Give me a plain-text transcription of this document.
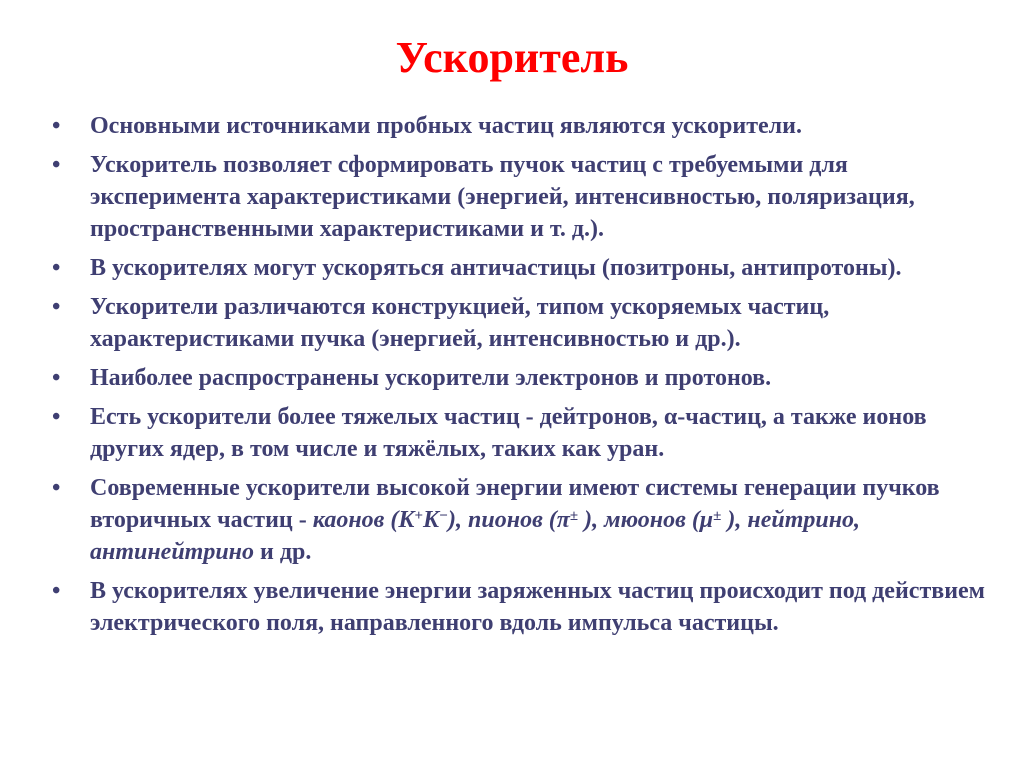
Ускоритель
•	Основными источниками пробных частиц являются ускорители.
•	Ускоритель позволяет сформировать пучок частиц с требуемыми для эксперимента характеристиками (энергией, интенсивностью, поляризация, пространственными характеристиками и т. д.).
•	В ускорителях могут ускоряться античастицы (позитроны, антипротоны).
•	Ускорители различаются конструкцией, типом ускоряемых частиц, характеристиками пучка (энергией, интенсивностью и др.).
•	Наиболее распространены ускорители электронов и протонов.
•	Есть ускорители более тяжелых частиц - дейтронов, α-частиц, а также ионов других ядер, в том числе и тяжёлых, таких как уран.
•	Современные ускорители высокой энергии имеют системы генерации пучков вторичных частиц - каонов (K+K−), пионов (π± ), мюонов (μ± ), нейтрино, антинейтрино и др.
•	В ускорителях увеличение энергии заряженных частиц происходит под действием электрического поля, направленного вдоль импульса частицы.
